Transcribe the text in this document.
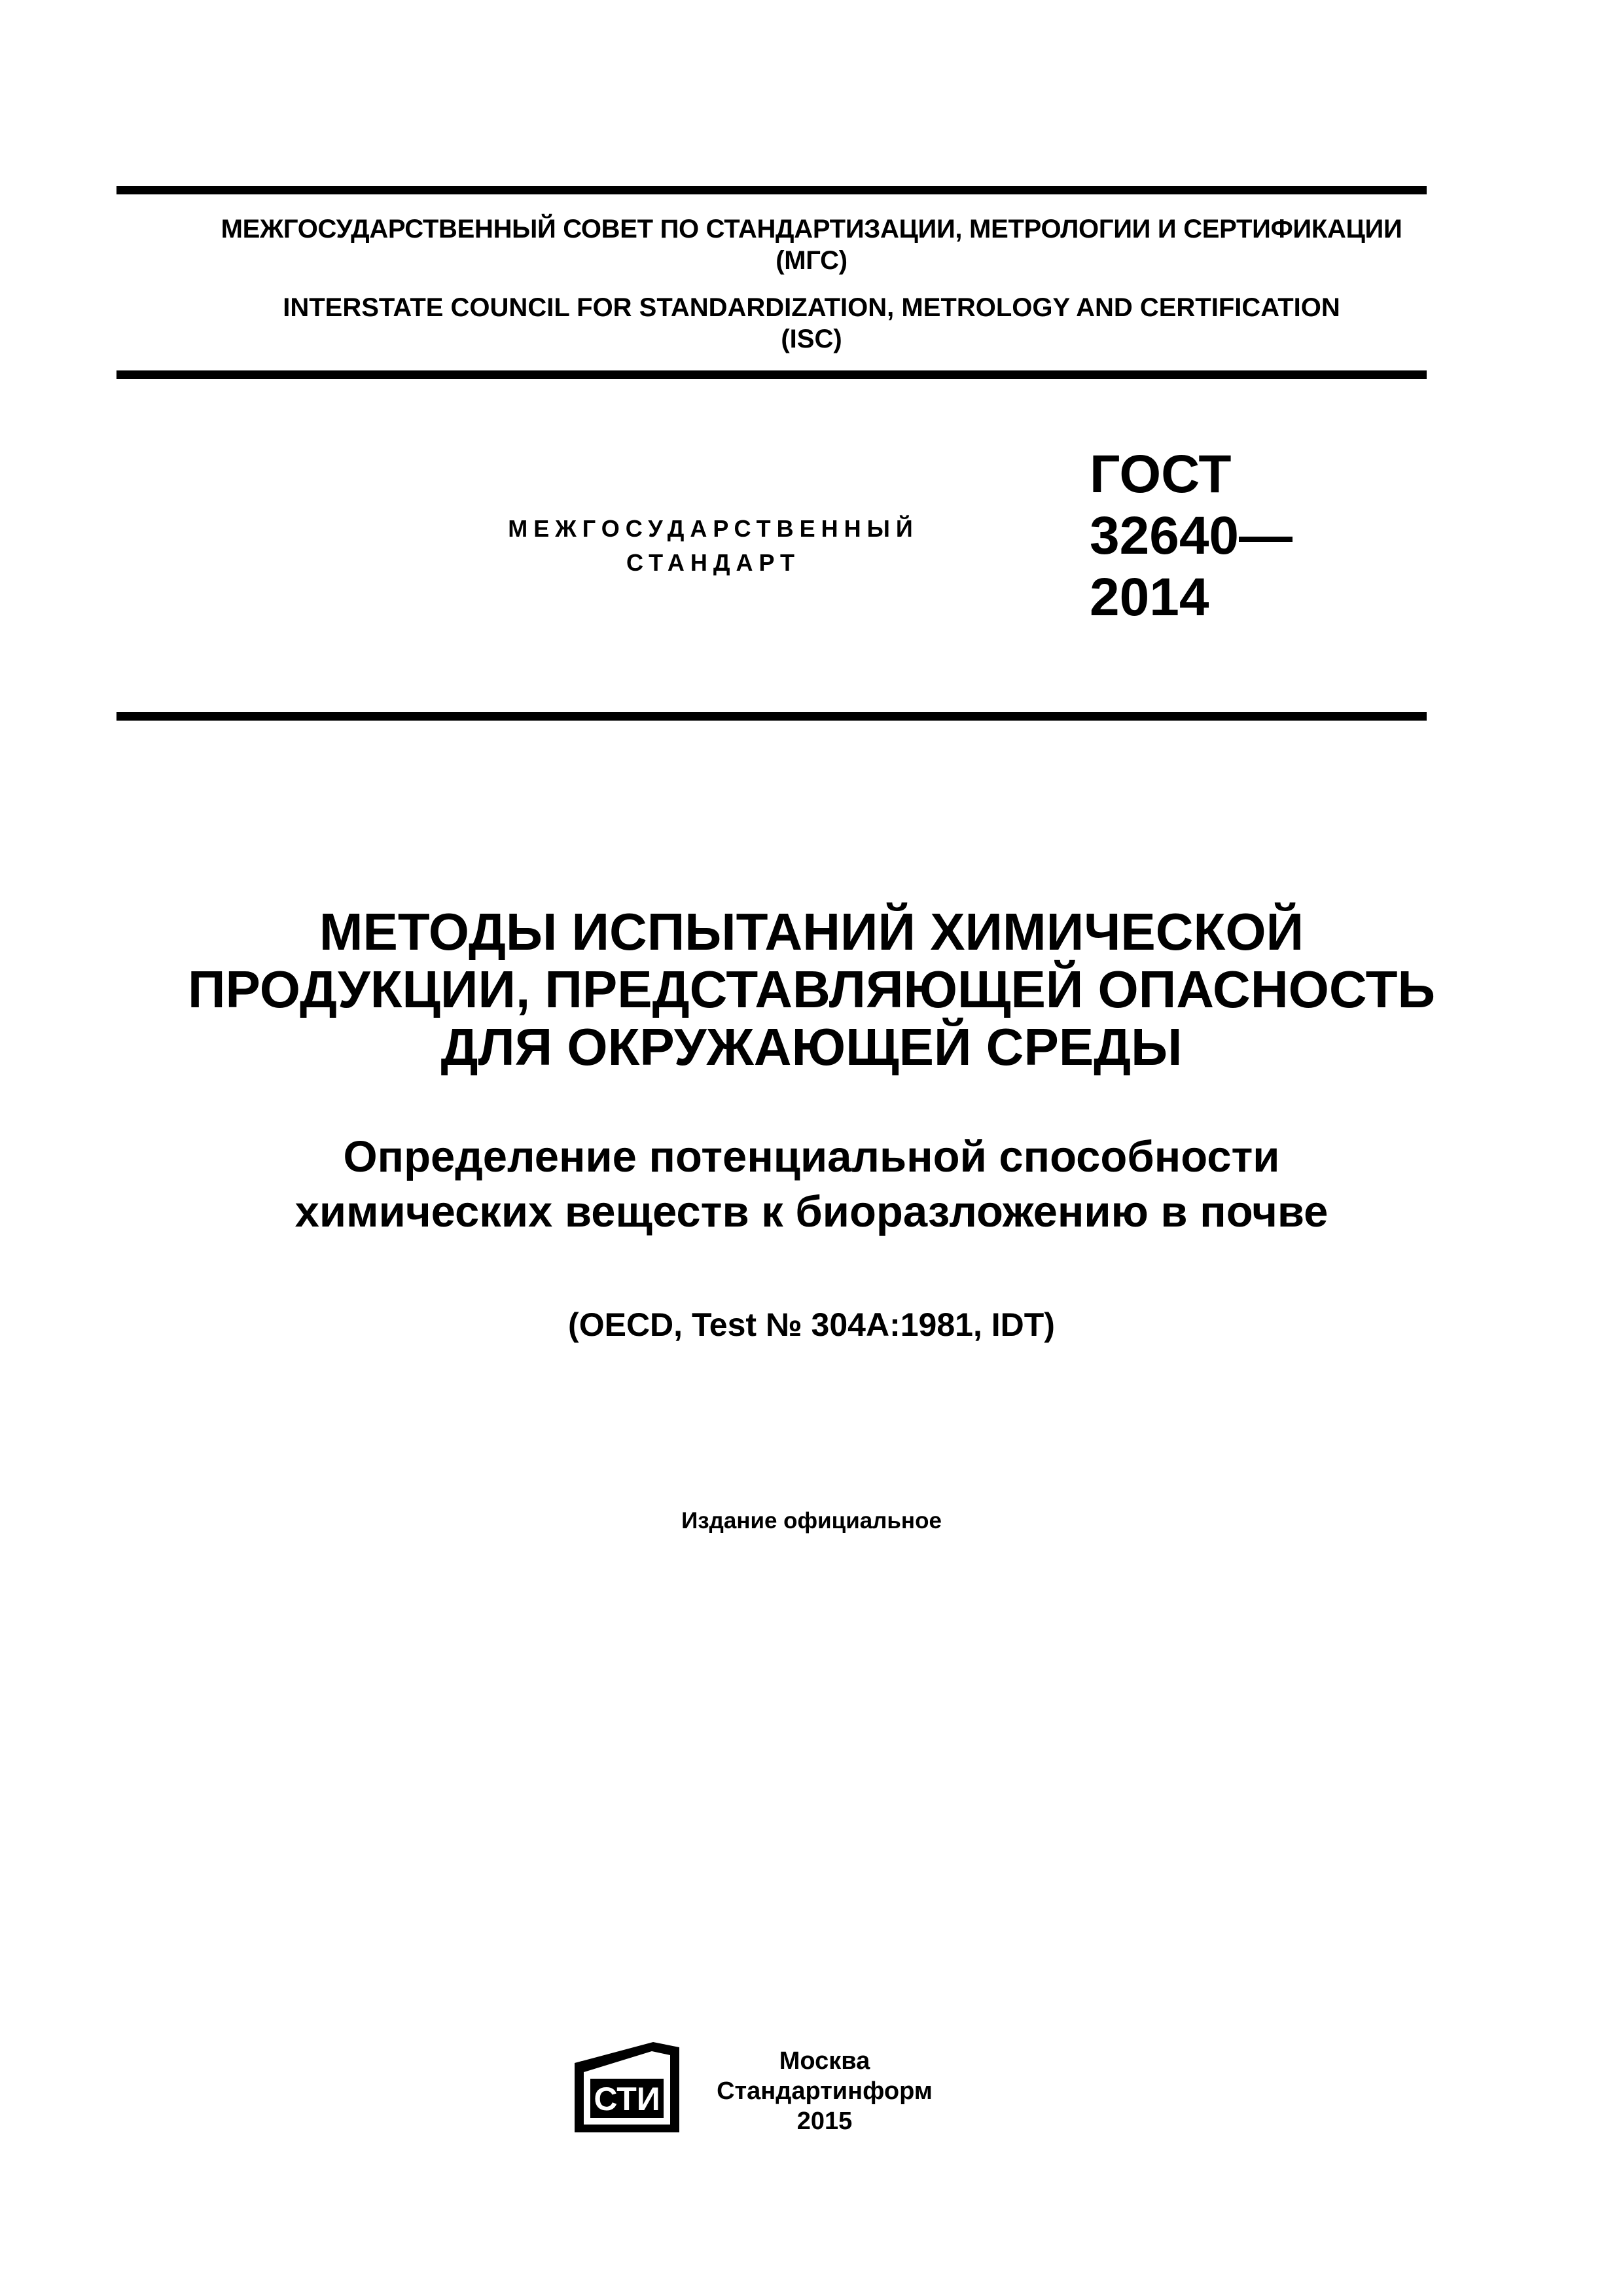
МЕЖГОСУДАРСТВЕННЫЙ СОВЕТ ПО СТАНДАРТИЗАЦИИ, МЕТРОЛОГИИ И СЕРТИФИКАЦИИ
(МГС)
INTERSTATE COUNCIL FOR STANDARDIZATION, METROLOGY AND CERTIFICATION
(ISC)
МЕЖГОСУДАРСТВЕННЫЙ
СТАНДАРТ
ГОСТ
32640—
2014
МЕТОДЫ ИСПЫТАНИЙ ХИМИЧЕСКОЙ
ПРОДУКЦИИ, ПРЕДСТАВЛЯЮЩЕЙ ОПАСНОСТЬ
ДЛЯ ОКРУЖАЮЩЕЙ СРЕДЫ
Определение потенциальной способности
химических веществ к биоразложению в почве
(OECD, Test № 304A:1981, IDT)
Издание официальное
СТИ
Москва
Стандартинформ
2015
